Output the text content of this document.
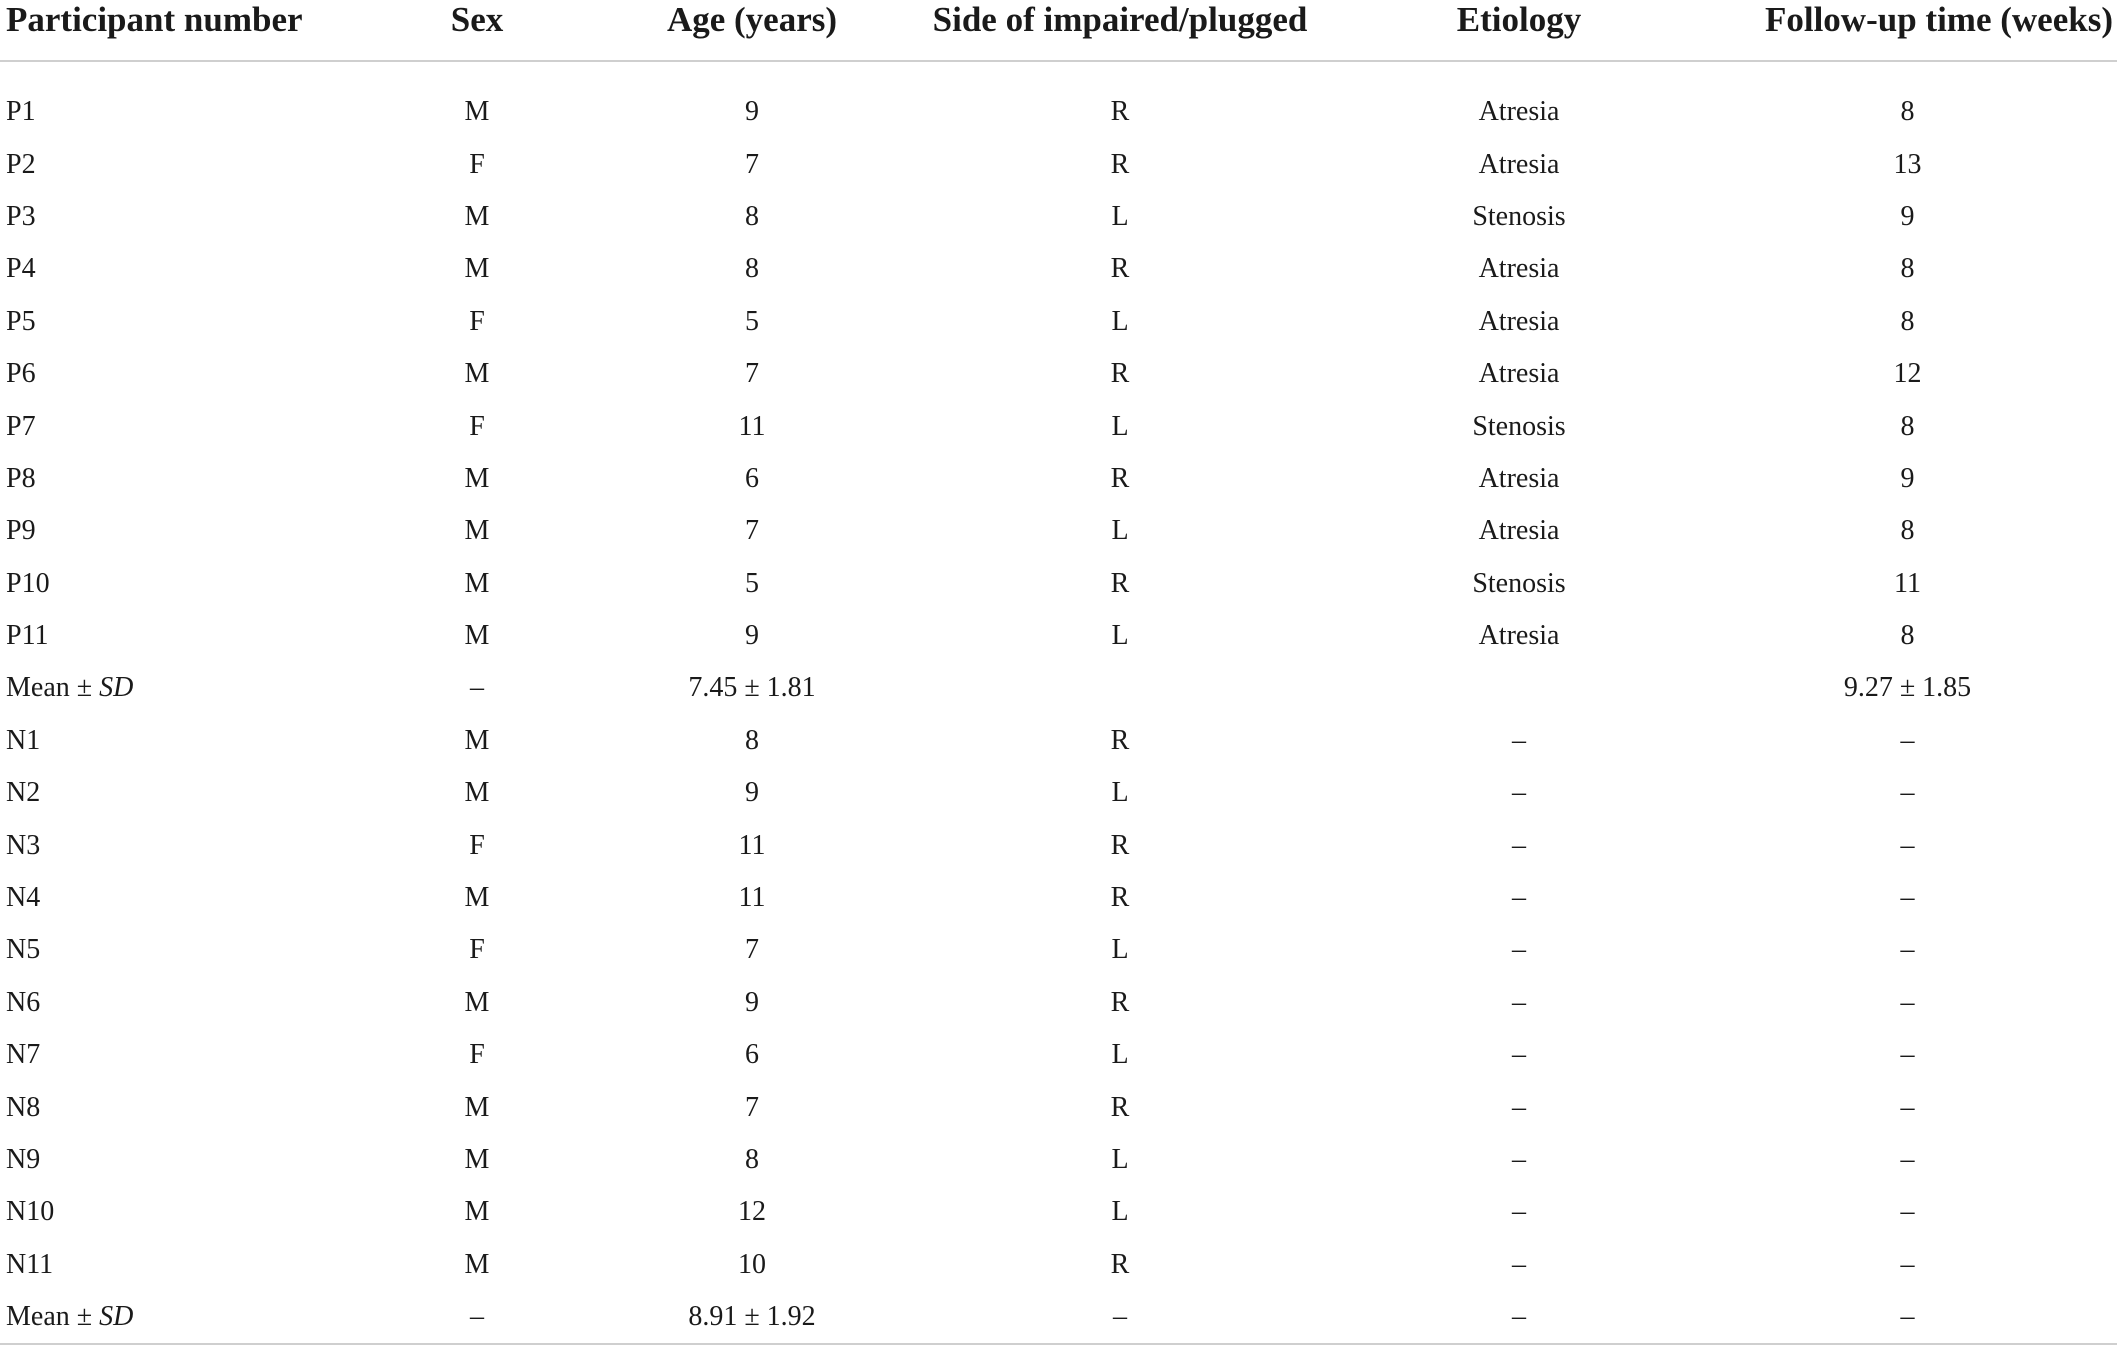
Participant number	Sex	Age (years)	Side of impaired/plugged	Etiology	Follow-up time (weeks)
P1	M	9	R	Atresia	8
P2	F	7	R	Atresia	13
P3	M	8	L	Stenosis	9
P4	M	8	R	Atresia	8
P5	F	5	L	Atresia	8
P6	M	7	R	Atresia	12
P7	F	11	L	Stenosis	8
P8	M	6	R	Atresia	9
P9	M	7	L	Atresia	8
P10	M	5	R	Stenosis	11
P11	M	9	L	Atresia	8
Mean ± SD	–	7.45 ± 1.81			9.27 ± 1.85
N1	M	8	R	–	–
N2	M	9	L	–	–
N3	F	11	R	–	–
N4	M	11	R	–	–
N5	F	7	L	–	–
N6	M	9	R	–	–
N7	F	6	L	–	–
N8	M	7	R	–	–
N9	M	8	L	–	–
N10	M	12	L	–	–
N11	M	10	R	–	–
Mean ± SD	–	8.91 ± 1.92	–	–	–
